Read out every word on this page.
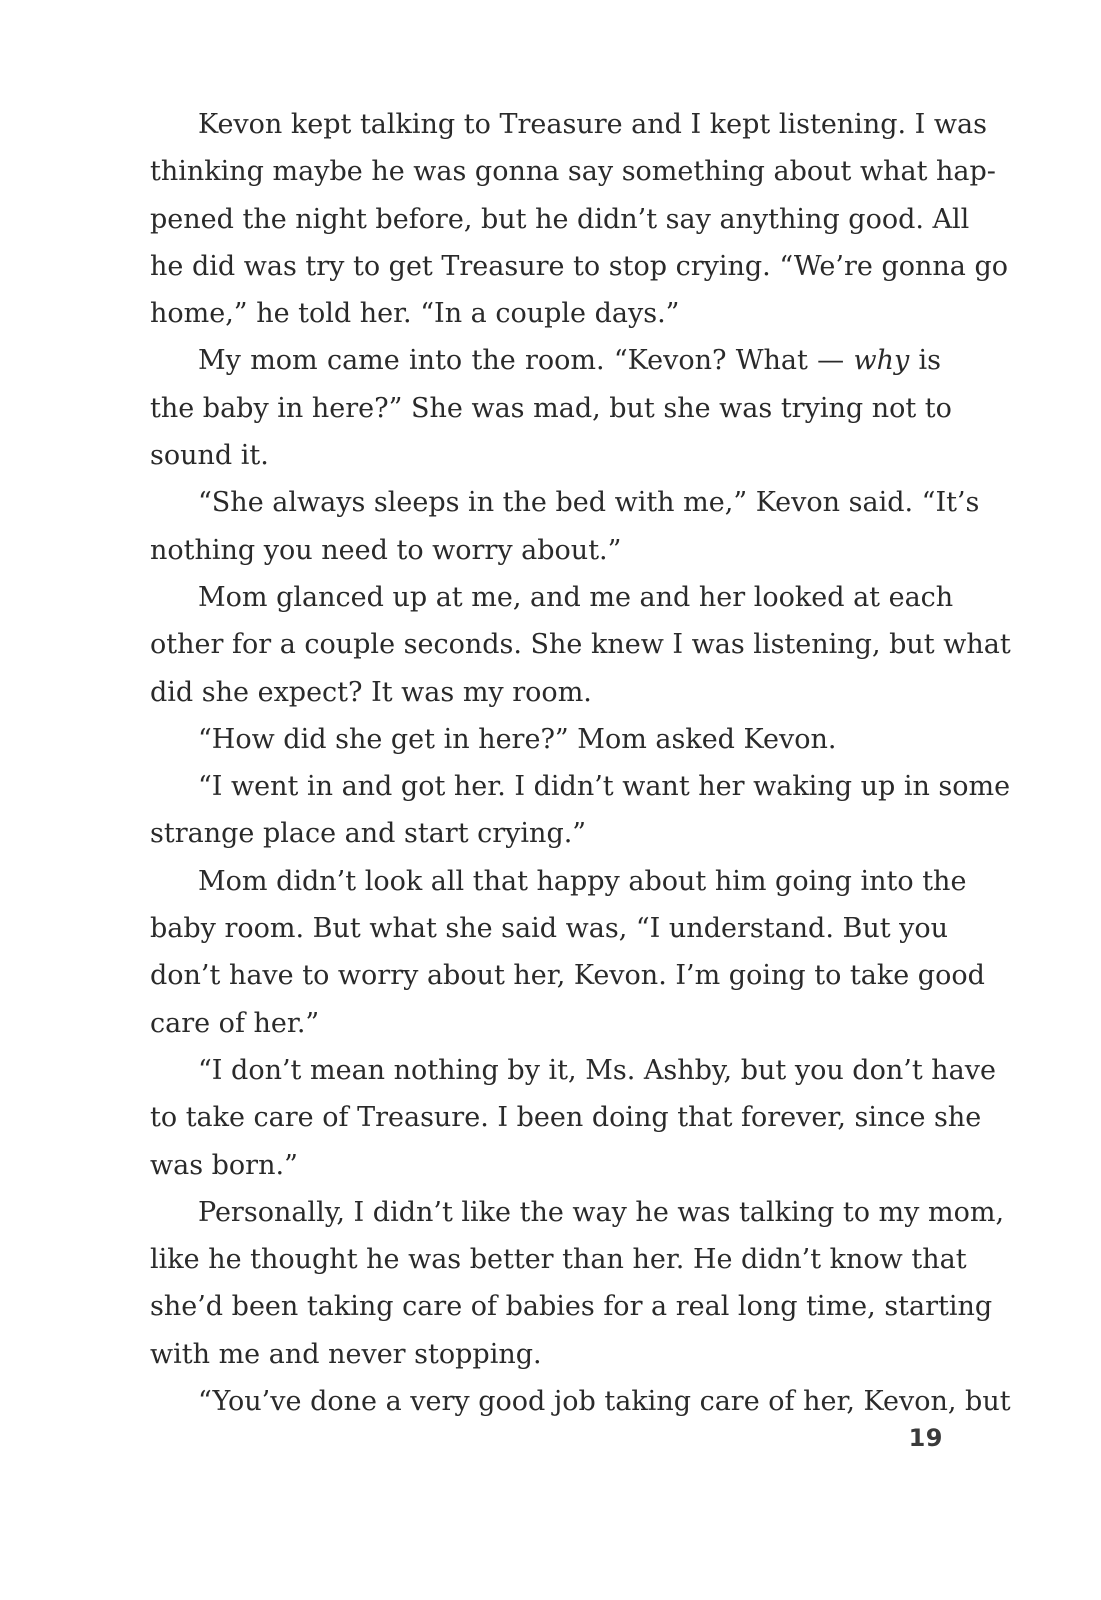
Kevon kept talking to Treasure and I kept listening. I was
thinking maybe he was gonna say something about what hap-
pened the night before, but he didn’t say anything good. All
he did was try to get Treasure to stop crying. “We’re gonna go
home,” he told her. “In a couple days.”
My mom came into the room. “Kevon? What — why is
the baby in here?” She was mad, but she was trying not to
sound it.
“She always sleeps in the bed with me,” Kevon said. “It’s
nothing you need to worry about.”
Mom glanced up at me, and me and her looked at each
other for a couple seconds. She knew I was listening, but what
did she expect? It was my room.
“How did she get in here?” Mom asked Kevon.
“I went in and got her. I didn’t want her waking up in some
strange place and start crying.”
Mom didn’t look all that happy about him going into the
baby room. But what she said was, “I understand. But you
don’t have to worry about her, Kevon. I’m going to take good
care of her.”
“I don’t mean nothing by it, Ms. Ashby, but you don’t have
to take care of Treasure. I been doing that forever, since she
was born.”
Personally, I didn’t like the way he was talking to my mom,
like he thought he was better than her. He didn’t know that
she’d been taking care of babies for a real long time, starting
with me and never stopping.
“You’ve done a very good job taking care of her, Kevon, but
19
